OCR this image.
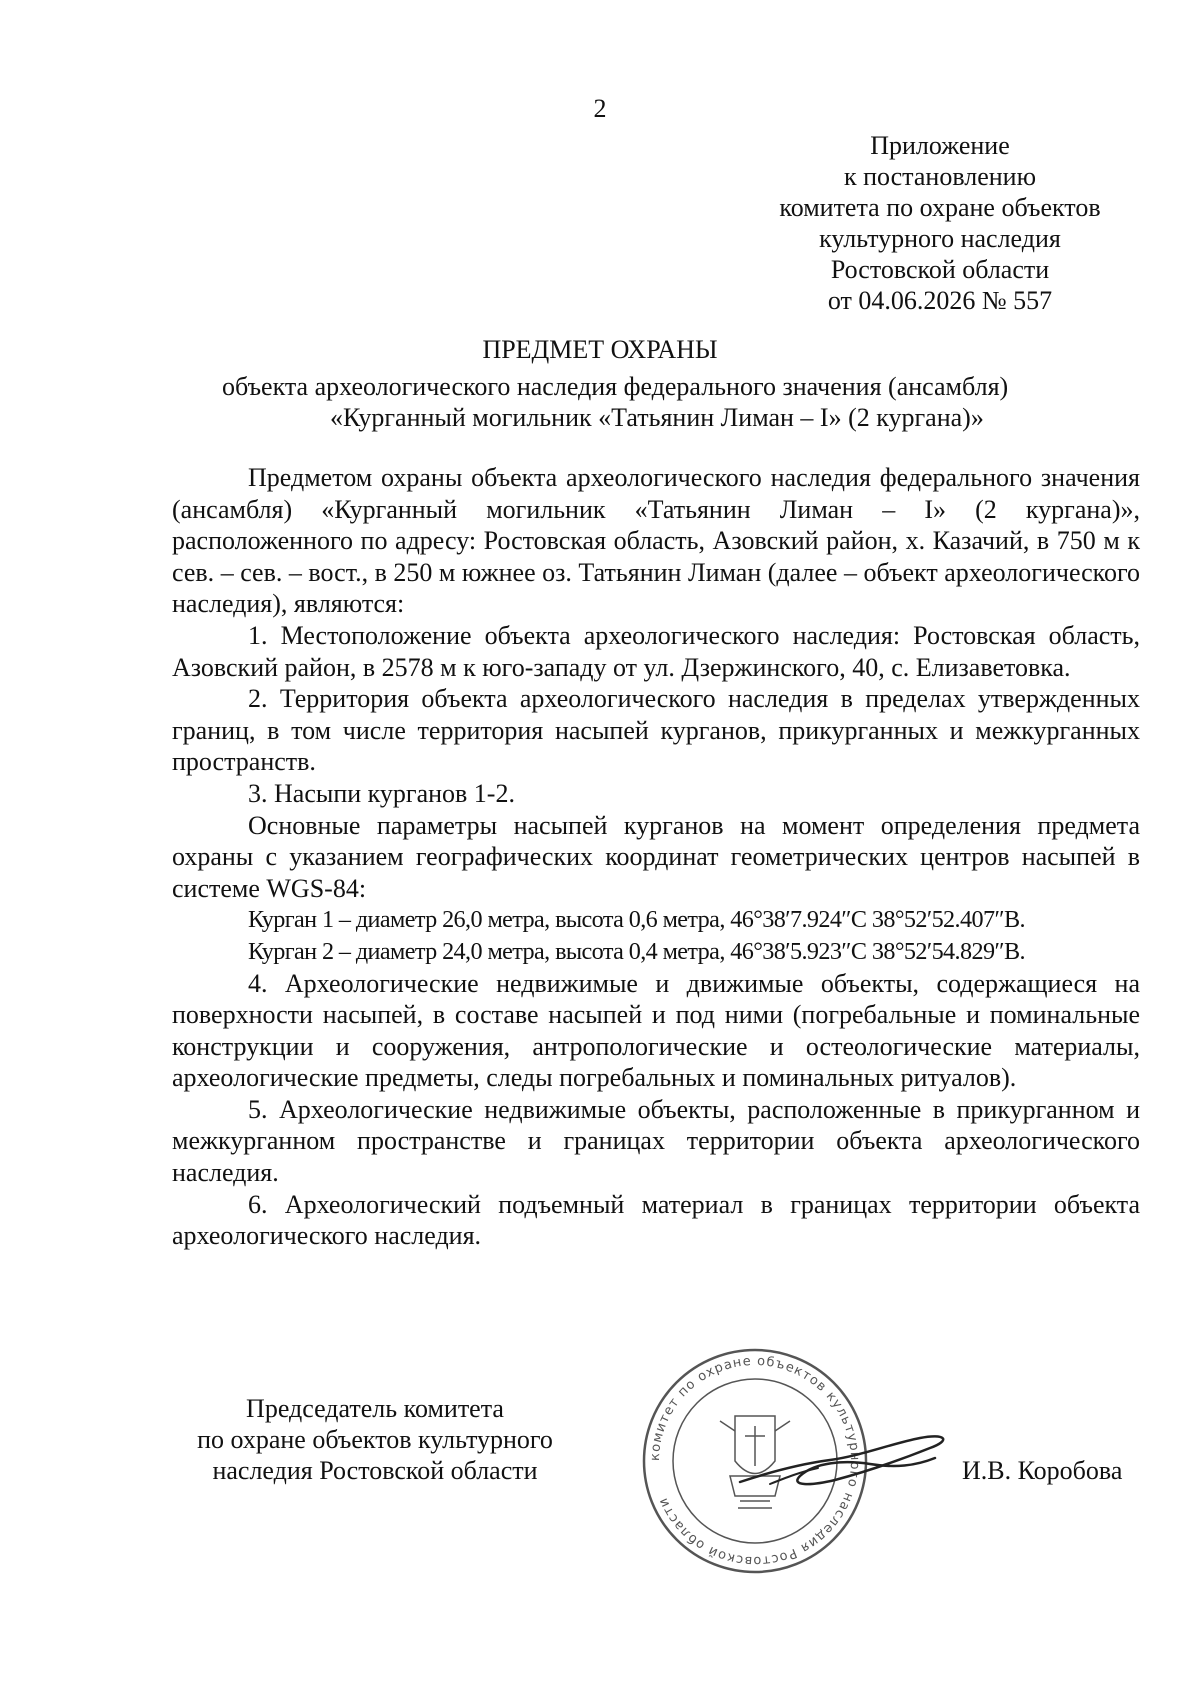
2
Приложение
к постановлению
комитета по охране объектов
культурного наследия
Ростовской области
от 04.06.2026 № 557
ПРЕДМЕТ ОХРАНЫ
объекта археологического наследия федерального значения (ансамбля)
«Курганный могильник «Татьянин Лиман – I» (2 кургана)»

Предметом охраны объекта археологического наследия федерального значения (ансамбля) «Курганный могильник «Татьянин Лиман – I» (2 кургана)», расположенного по адресу: Ростовская область, Азовский район, х. Казачий, в 750 м к сев. – сев. – вост., в 250 м южнее оз. Татьянин Лиман (далее – объект археологического наследия), являются:

1. Местоположение объекта археологического наследия: Ростовская область, Азовский район, в 2578 м к юго-западу от ул. Дзержинского, 40, с. Елизаветовка.

2. Территория объекта археологического наследия в пределах утвержденных границ, в том числе территория насыпей курганов, прикурганных и межкурганных пространств.

3. Насыпи курганов 1-2.

Основные параметры насыпей курганов на момент определения предмета охраны с указанием географических координат геометрических центров насыпей в системе WGS-84:

Курган 1 – диаметр 26,0 метра, высота 0,6 метра, 46°38′7.924″С 38°52′52.407″В.

Курган 2 – диаметр 24,0 метра, высота 0,4 метра, 46°38′5.923″С 38°52′54.829″В.

4. Археологические недвижимые и движимые объекты, содержащиеся на поверхности насыпей, в составе насыпей и под ними (погребальные и поминальные конструкции и сооружения, антропологические и остеологические материалы, археологические предметы, следы погребальных и поминальных ритуалов).

5. Археологические недвижимые объекты, расположенные в прикурганном и межкурганном пространстве и границах территории объекта археологического наследия.

6. Археологический подъемный материал в границах территории объекта археологического наследия.

Председатель комитета
по охране объектов культурного
наследия Ростовской области	комитет по охране объектов культурного наследия Ростовской области
И.В. Коробова
